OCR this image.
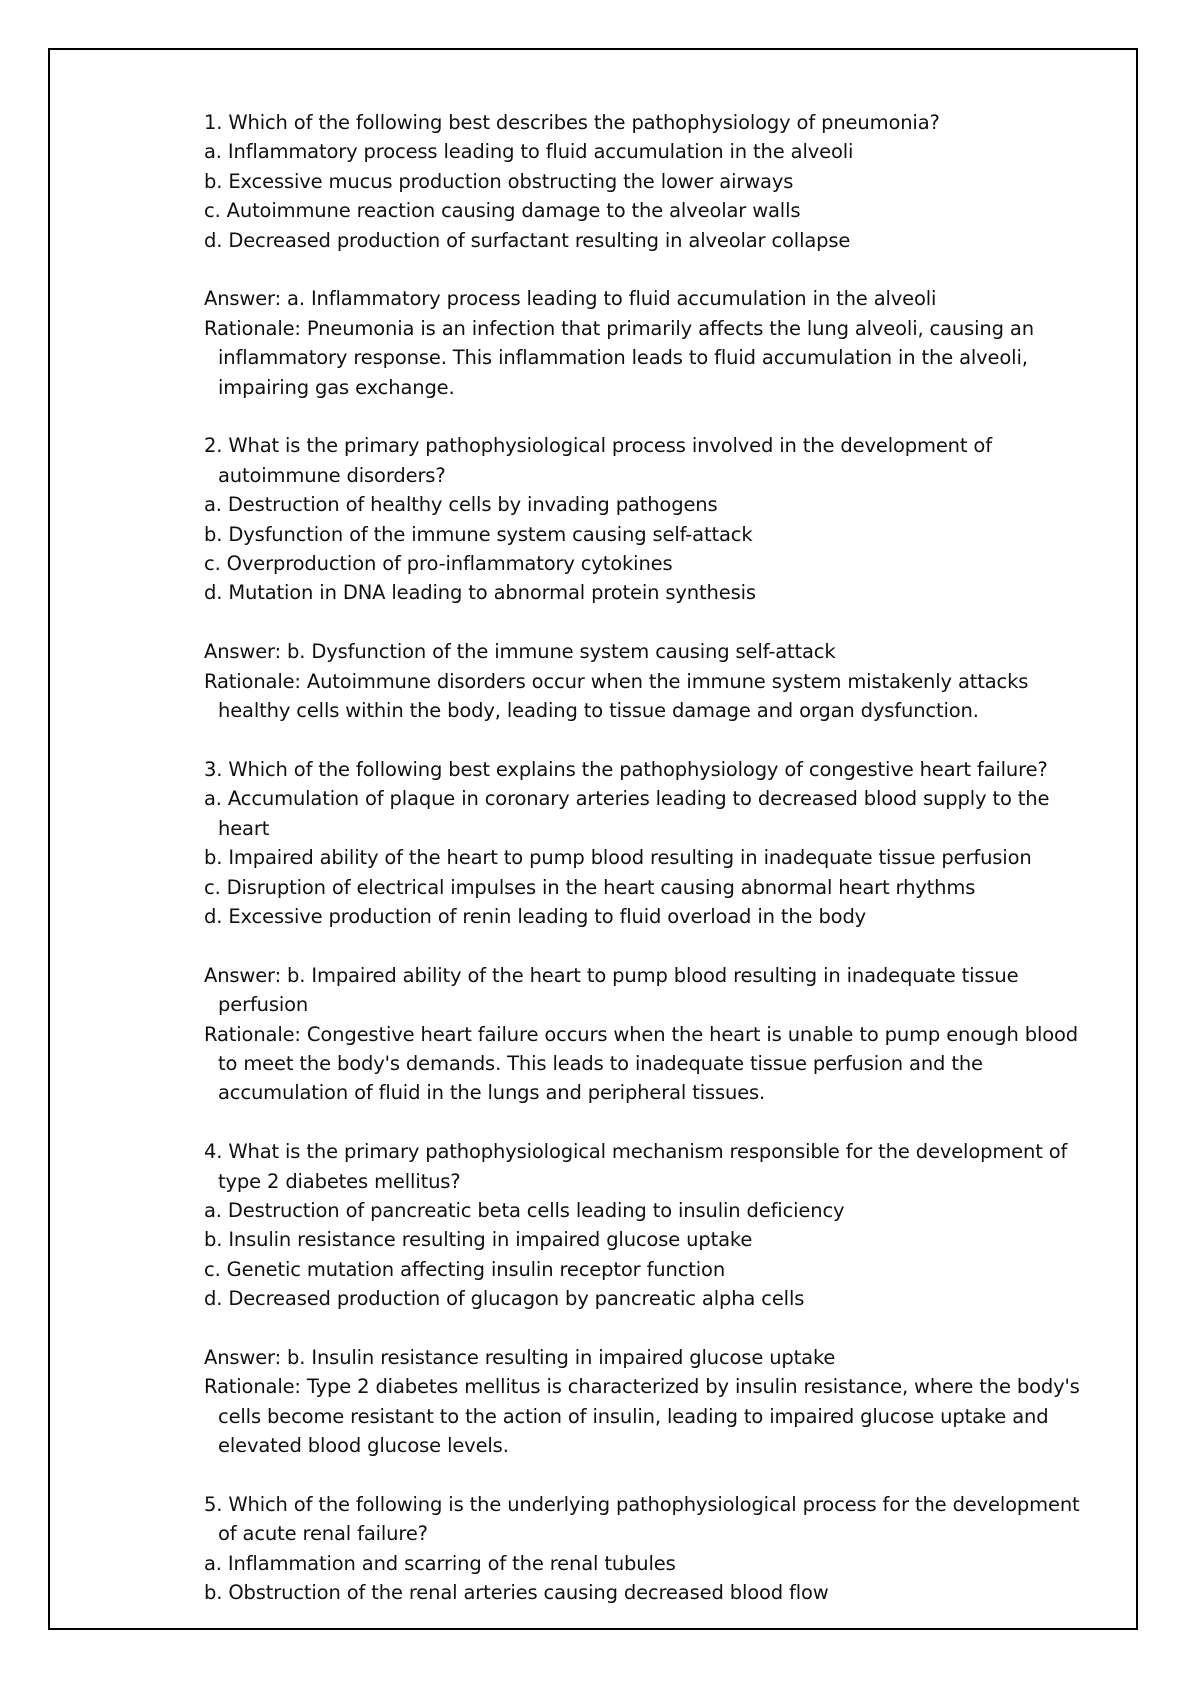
1. Which of the following best describes the pathophysiology of pneumonia?
a. Inflammatory process leading to fluid accumulation in the alveoli
b. Excessive mucus production obstructing the lower airways
c. Autoimmune reaction causing damage to the alveolar walls
d. Decreased production of surfactant resulting in alveolar collapse
Answer: a. Inflammatory process leading to fluid accumulation in the alveoli
Rationale: Pneumonia is an infection that primarily affects the lung alveoli, causing an
inflammatory response. This inflammation leads to fluid accumulation in the alveoli,
impairing gas exchange.
2. What is the primary pathophysiological process involved in the development of
autoimmune disorders?
a. Destruction of healthy cells by invading pathogens
b. Dysfunction of the immune system causing self-attack
c. Overproduction of pro-inflammatory cytokines
d. Mutation in DNA leading to abnormal protein synthesis
Answer: b. Dysfunction of the immune system causing self-attack
Rationale: Autoimmune disorders occur when the immune system mistakenly attacks
healthy cells within the body, leading to tissue damage and organ dysfunction.
3. Which of the following best explains the pathophysiology of congestive heart failure?
a. Accumulation of plaque in coronary arteries leading to decreased blood supply to the
heart
b. Impaired ability of the heart to pump blood resulting in inadequate tissue perfusion
c. Disruption of electrical impulses in the heart causing abnormal heart rhythms
d. Excessive production of renin leading to fluid overload in the body
Answer: b. Impaired ability of the heart to pump blood resulting in inadequate tissue
perfusion
Rationale: Congestive heart failure occurs when the heart is unable to pump enough blood
to meet the body's demands. This leads to inadequate tissue perfusion and the
accumulation of fluid in the lungs and peripheral tissues.
4. What is the primary pathophysiological mechanism responsible for the development of
type 2 diabetes mellitus?
a. Destruction of pancreatic beta cells leading to insulin deficiency
b. Insulin resistance resulting in impaired glucose uptake
c. Genetic mutation affecting insulin receptor function
d. Decreased production of glucagon by pancreatic alpha cells
Answer: b. Insulin resistance resulting in impaired glucose uptake
Rationale: Type 2 diabetes mellitus is characterized by insulin resistance, where the body's
cells become resistant to the action of insulin, leading to impaired glucose uptake and
elevated blood glucose levels.
5. Which of the following is the underlying pathophysiological process for the development
of acute renal failure?
a. Inflammation and scarring of the renal tubules
b. Obstruction of the renal arteries causing decreased blood flow
